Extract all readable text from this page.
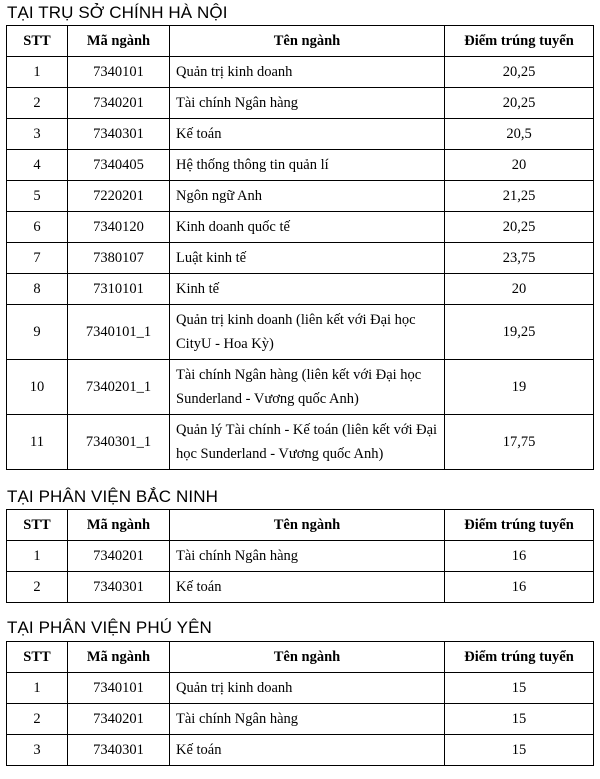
TẠI TRỤ SỞ CHÍNH HÀ NỘI
STT	Mã ngành	Tên ngành	Điểm trúng tuyển
1	7340101	Quản trị kinh doanh	20,25
2	7340201	Tài chính Ngân hàng	20,25
3	7340301	Kế toán	20,5
4	7340405	Hệ thống thông tin quản lí	20
5	7220201	Ngôn ngữ Anh	21,25
6	7340120	Kinh doanh quốc tế	20,25
7	7380107	Luật kinh tế	23,75
8	7310101	Kinh tế	20
9	7340101_1	Quản trị kinh doanh (liên kết với Đại học CityU - Hoa Kỳ)	19,25
10	7340201_1	Tài chính Ngân hàng (liên kết với Đại học Sunderland - Vương quốc Anh)	19
11	7340301_1	Quản lý Tài chính - Kế toán (liên kết với Đại học Sunderland - Vương quốc Anh)	17,75
TẠI PHÂN VIỆN BẮC NINH
STT	Mã ngành	Tên ngành	Điểm trúng tuyển
1	7340201	Tài chính Ngân hàng	16
2	7340301	Kế toán	16
TẠI PHÂN VIỆN PHÚ YÊN
STT	Mã ngành	Tên ngành	Điểm trúng tuyển
1	7340101	Quản trị kinh doanh	15
2	7340201	Tài chính Ngân hàng	15
3	7340301	Kế toán	15
